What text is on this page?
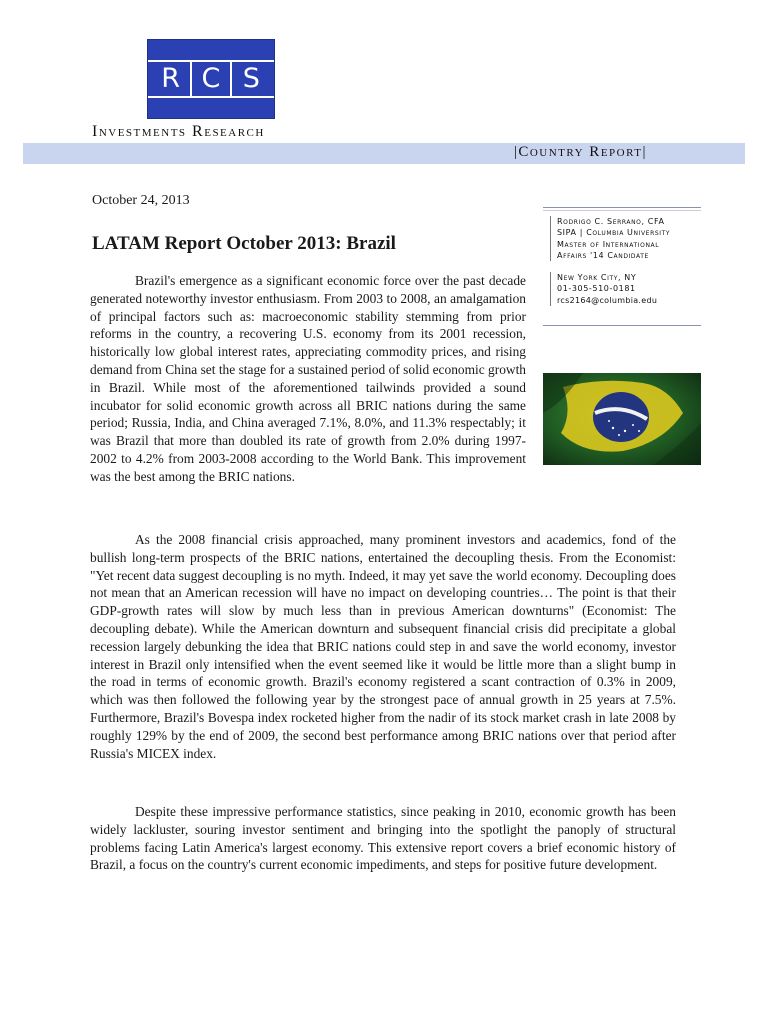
R C S
Investments Research
|Country Report|
October 24, 2013
LATAM Report October 2013: Brazil
Rodrigo C. Serrano, CFA
SIPA | Columbia University
Master of International
Affairs '14 Candidate
New York City, NY
01-305-510-0181
rcs2164@columbia.edu

Brazil's emergence as a significant economic force over the past decade generated noteworthy investor enthusiasm. From 2003 to 2008, an amalgamation of principal factors such as: macroeconomic stability stemming from prior reforms in the country, a recovering U.S. economy from its 2001 recession, historically low global interest rates, appreciating commodity prices, and rising demand from China set the stage for a sustained period of solid economic growth in Brazil. While most of the aforementioned tailwinds provided a sound incubator for solid economic growth across all BRIC nations during the same period; Russia, India, and China averaged 7.1%, 8.0%, and 11.3% respectably; it was Brazil that more than doubled its rate of growth from 2.0% during 1997-2002 to 4.2% from 2003-2008 according to the World Bank. This improvement was the best among the BRIC nations.

As the 2008 financial crisis approached, many prominent investors and academics, fond of the bullish long-term prospects of the BRIC nations, entertained the decoupling thesis. From the Economist: "Yet recent data suggest decoupling is no myth. Indeed, it may yet save the world economy. Decoupling does not mean that an American recession will have no impact on developing countries… The point is that their GDP-growth rates will slow by much less than in previous American downturns" (Economist: The decoupling debate). While the American downturn and subsequent financial crisis did precipitate a global recession largely debunking the idea that BRIC nations could step in and save the world economy, investor interest in Brazil only intensified when the event seemed like it would be little more than a slight bump in the road in terms of economic growth. Brazil's economy registered a scant contraction of 0.3% in 2009, which was then followed the following year by the strongest pace of annual growth in 25 years at 7.5%. Furthermore, Brazil's Bovespa index rocketed higher from the nadir of its stock market crash in late 2008 by roughly 129% by the end of 2009, the second best performance among BRIC nations over that period after Russia's MICEX index.

Despite these impressive performance statistics, since peaking in 2010, economic growth has been widely lackluster, souring investor sentiment and bringing into the spotlight the panoply of structural problems facing Latin America's largest economy. This extensive report covers a brief economic history of Brazil, a focus on the country's current economic impediments, and steps for positive future development.
